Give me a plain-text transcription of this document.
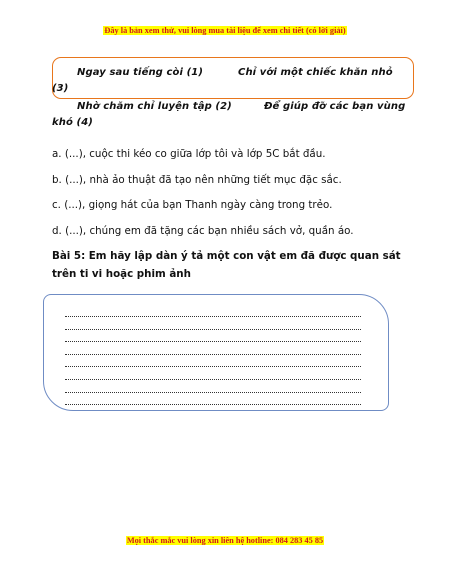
Đây là bản xem thử, vui lòng mua tài liệu để xem chi tiết (có lời giải)
Ngay sau tiếng còi (1)	Chỉ với một chiếc khăn nhỏ
(3)
Nhờ chăm chỉ luyện tập (2)	Để giúp đỡ các bạn vùng
khó (4)
a. (...), cuộc thi kéo co giữa lớp tôi và lớp 5C bắt đầu.
b. (...), nhà ảo thuật đã tạo nên những tiết mục đặc sắc.
c. (...), giọng hát của bạn Thanh ngày càng trong trẻo.
d. (...), chúng em đã tặng các bạn nhiều sách vở, quần áo.
Bài 5: Em hãy lập dàn ý tả một con vật em đã được quan sát
trên ti vi hoặc phim ảnh
Mọi thắc mắc vui lòng xin liên hệ hotline: 084 283 45 85
